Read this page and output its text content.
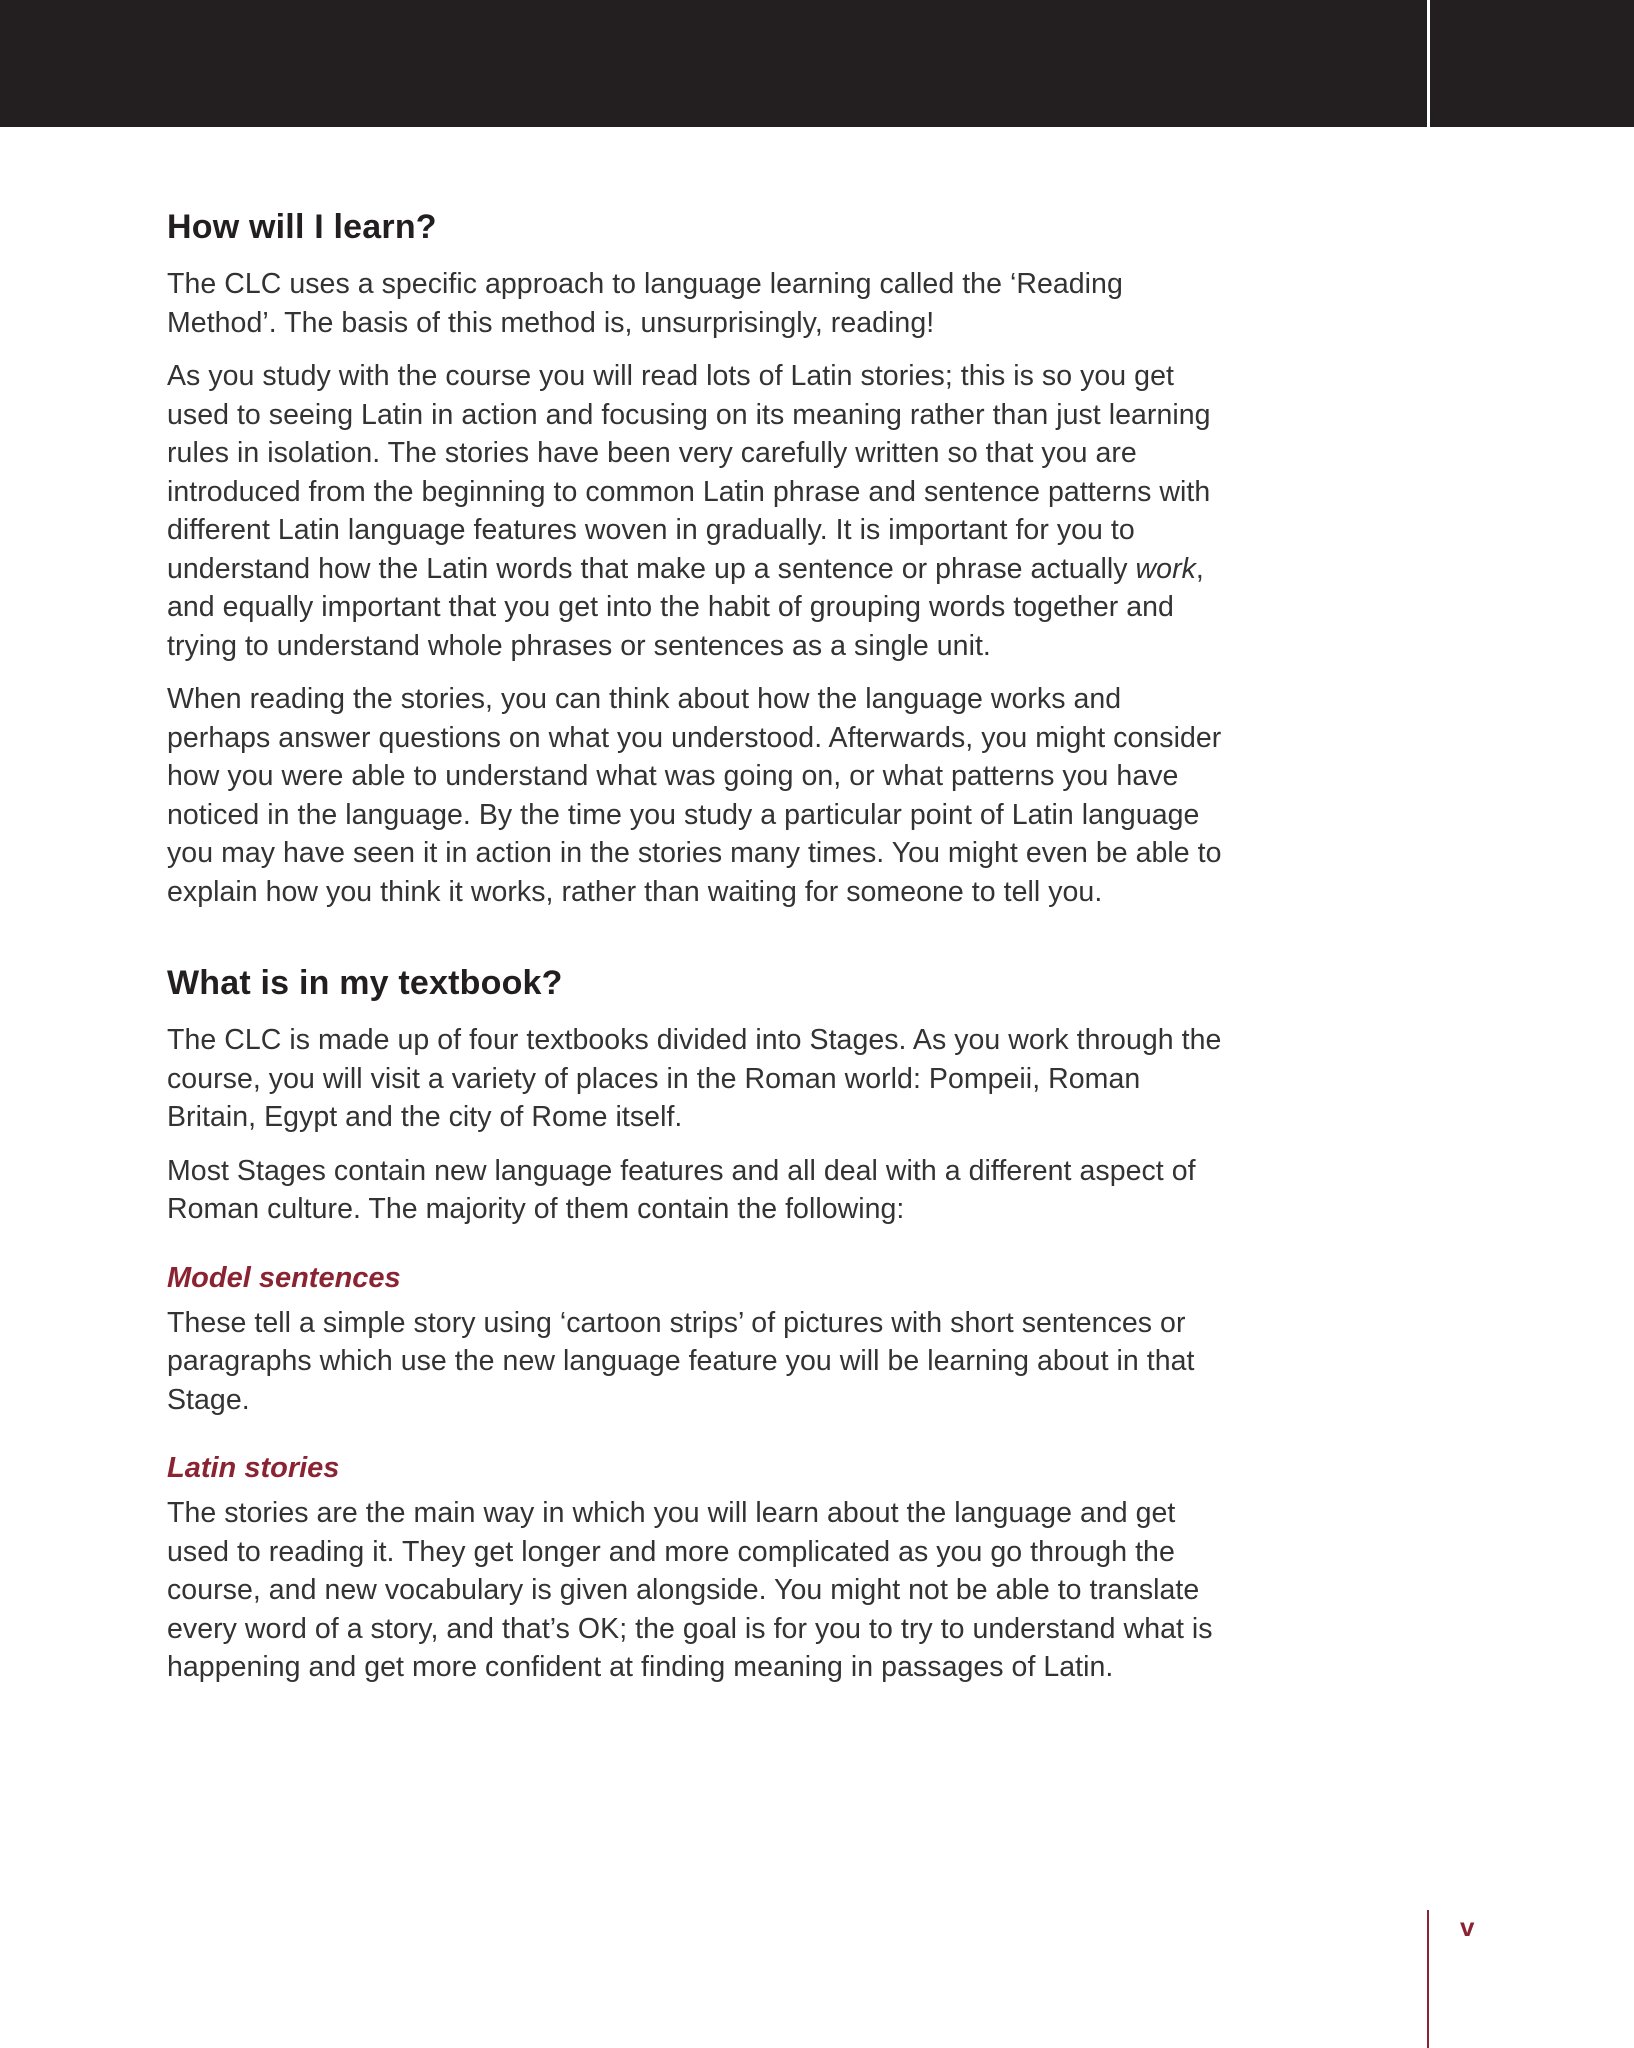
How will I learn?

The CLC uses a specific approach to language learning called the ‘Reading Method’. The basis of this method is, unsurprisingly, reading!

As you study with the course you will read lots of Latin stories; this is so you get used to seeing Latin in action and focusing on its meaning rather than just learning rules in isolation. The stories have been very carefully written so that you are introduced from the beginning to common Latin phrase and sentence patterns with different Latin language features woven in gradually. It is important for you to understand how the Latin words that make up a sentence or phrase actually work, and equally important that you get into the habit of grouping words together and trying to understand whole phrases or sentences as a single unit.

When reading the stories, you can think about how the language works and perhaps answer questions on what you understood. Afterwards, you might consider how you were able to understand what was going on, or what patterns you have noticed in the language. By the time you study a particular point of Latin language you may have seen it in action in the stories many times. You might even be able to explain how you think it works, rather than waiting for someone to tell you.

What is in my textbook?

The CLC is made up of four textbooks divided into Stages. As you work through the course, you will visit a variety of places in the Roman world: Pompeii, Roman Britain, Egypt and the city of Rome itself.

Most Stages contain new language features and all deal with a different aspect of Roman culture. The majority of them contain the following:

Model sentences

These tell a simple story using ‘cartoon strips’ of pictures with short sentences or paragraphs which use the new language feature you will be learning about in that Stage.

Latin stories

The stories are the main way in which you will learn about the language and get used to reading it. They get longer and more complicated as you go through the course, and new vocabulary is given alongside. You might not be able to translate every word of a story, and that’s OK; the goal is for you to try to understand what is happening and get more confident at finding meaning in passages of Latin.

v
